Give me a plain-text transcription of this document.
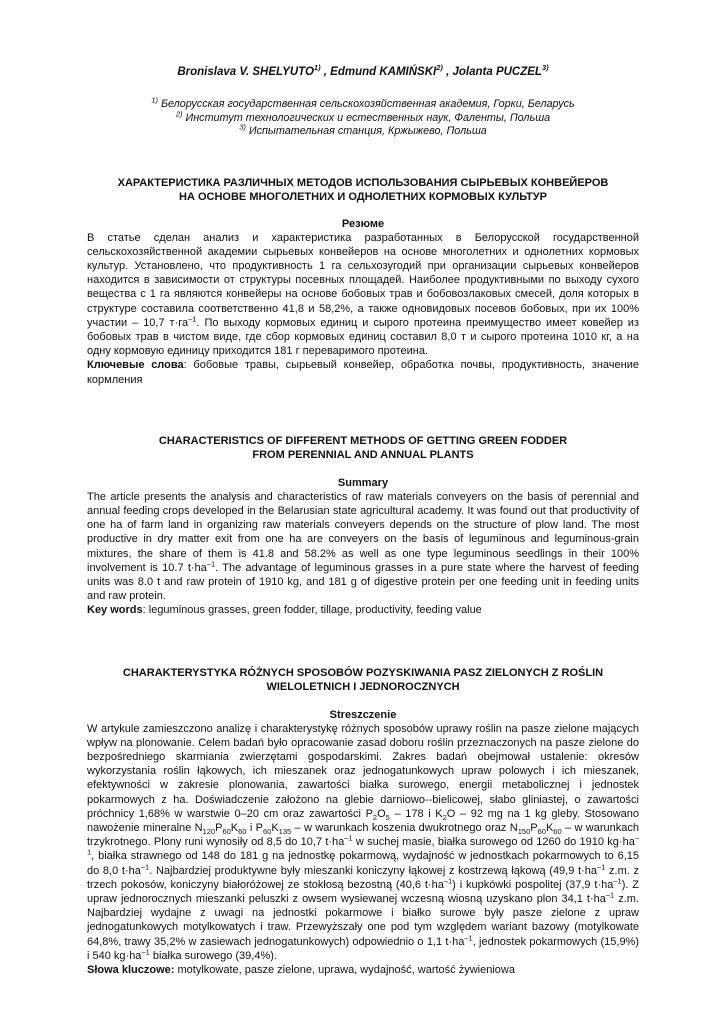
Bronislava V. SHELYUTO$^{1)}$ , Edmund KAMIŃSKI$^{2)}$ , Jolanta PUCZEL$^{3)}$
$^{1)}$ Белорусская государственная сельскохозяйственная академия, Горки, Беларусь
$^{2)}$ Институт технологических и естественных наук, Фаленты, Польша
$^{3)}$ Испытательная станция, Кржыжево, Польша
ХАРАКТЕРИСТИКА РАЗЛИЧНЫХ МЕТОДОВ ИСПОЛЬЗОВАНИЯ СЫРЬЕВЫХ КОНВЕЙЕРОВ
НА ОСНОВЕ МНОГОЛЕТНИХ И ОДНОЛЕТНИХ КОРМОВЫХ КУЛЬТУР
Резюме
В статье сделан анализ и характеристика разработанных в Белорусской государственной сельскохозяйственной академии сырьевых конвейеров на основе многолетних и однолетних кормовых культур. Установлено, что продуктивность 1 га сельхозугодий при организации сырьевых конвейеров находится в зависимости от структуры посевных площадей. Наиболее продуктивными по выходу сухого вещества с 1 га являются конвейеры на основе бобовых трав и бобовозлаковых смесей, доля которых в структуре составила соответственно 41,8 и 58,2%, а также одновидовых посевов бобовых, при их 100% участии – 10,7 $т\cdot га^{-1}$. По выходу кормовых единиц и сырого протеина преимущество имеет ковейер из бобовых трав в чистом виде, где сбор кормовых единиц составил 8,0 т и сырого протеина 1010 кг, а на одну кормовую единицу приходится 181 г переваримого протеина.
Ключевые слова: бобовые травы, сырьевый конвейер, обработка почвы, продуктивность, значение кормления
CHARACTERISTICS OF DIFFERENT METHODS OF GETTING GREEN FODDER
FROM PERENNIAL AND ANNUAL PLANTS
Summary
The article presents the analysis and characteristics of raw materials conveyers on the basis of perennial and annual feeding crops developed in the Belarusian state agricultural academy. It was found out that productivity of one ha of farm land in organizing raw materials conveyers depends on the structure of plow land. The most productive in dry matter exit from one ha are conveyers on the basis of leguminous and leguminous-grain mixtures, the share of them is 41.8 and 58.2% as well as one type leguminous seedlings in their 100% involvement is 10.7 $t\cdot ha^{-1}$. The advantage of leguminous grasses in a pure state where the harvest of feeding units was 8.0 t and raw protein of 1910 kg, and 181 g of digestive protein per one feeding unit in feeding units and raw protein.
Key words: leguminous grasses, green fodder, tillage, productivity, feeding value
CHARAKTERYSTYKA RÓŻNYCH SPOSOBÓW POZYSKIWANIA PASZ ZIELONYCH Z ROŚLIN
WIELOLETNICH I JEDNOROCZNYCH
Streszczenie
W artykule zamieszczono analizę i charakterystykę różnych sposobów uprawy roślin na pasze zielone mających wpływ na plonowanie. Celem badań było opracowanie zasad doboru roślin przeznaczonych na pasze zielone do bezpośredniego skarmiania zwierzętami gospodarskimi. Zakres badań obejmował ustalenie: okresów wykorzystania roślin łąkowych, ich mieszanek oraz jednogatunkowych upraw polowych i ich mieszanek, efektywności w zakresie plonowania, zawartości białka surowego, energii metabolicznej i jednostek pokarmowych z ha. Doświadczenie założono na glebie darniowo--bielicowej, słabo gliniastej, o zawartości próchnicy 1,68% w warstwie 0–20 cm oraz zawartości $P_2O_5 - 178$ i $K_2O - 92$ mg na 1 kg gleby. Stosowano nawożenie mineralne $N_{120}P_{60}K_{60}$ i $P_{60}K_{135}$ – w warunkach koszenia dwukrotnego oraz $N_{150}P_{60}K_{60}$ – w warunkach trzykrotnego. Plony runi wynosiły od 8,5 do 10,7 $t\cdot ha^{-1}$ w suchej masie, białka surowego od 1260 do 1910 $kg\cdot ha^{-1}$, białka strawnego od 148 do 181 g na jednostkę pokarmową, wydajność w jednostkach pokarmowych to 6,15 do 8,0 $t\cdot ha^{-1}$. Najbardziej produktywne były mieszanki koniczyny łąkowej z kostrzewą łąkową (49,9 $t\cdot ha^{-1}$ z.m. z trzech pokosów, koniczyny białoróżowej ze stokłosą bezostną (40,6 $t\cdot ha^{-1}$) i kupkówki pospolitej (37,9 $t\cdot ha^{-1}$). Z upraw jednorocznych mieszanki peluszki z owsem wysiewanej wczesną wiosną uzyskano plon 34,1 $t\cdot ha^{-1}$ z.m. Najbardziej wydajne z uwagi na jednostki pokarmowe i białko surowe były pasze zielone z upraw jednogatunkowych motylkowatych i traw. Przewyższały one pod tym względem wariant bazowy (motylkowate 64,8%, trawy 35,2% w zasiewach jednogatunkowych) odpowiednio o 1,1 $t\cdot ha^{-1}$, jednostek pokarmowych (15,9%) i 540 $kg\cdot ha^{-1}$ białka surowego (39,4%).
Słowa kluczowe: motylkowate, pasze zielone, uprawa, wydajność, wartość żywieniowa
